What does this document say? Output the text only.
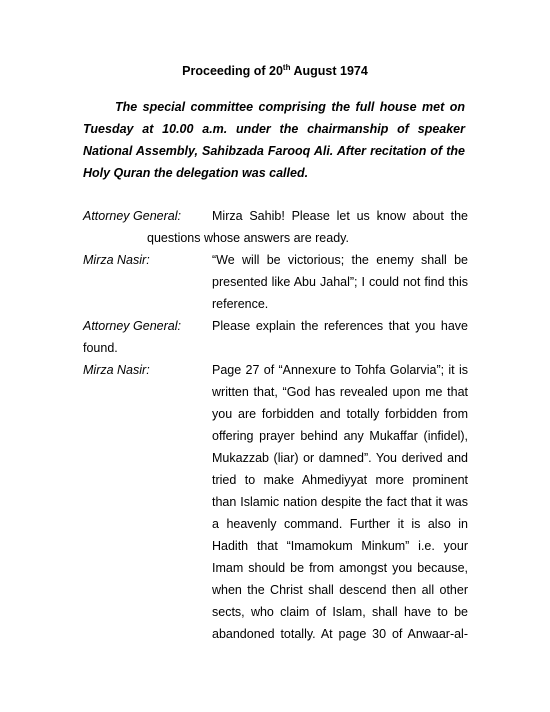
Proceeding of 20th August 1974
The special committee comprising the full house met on
Tuesday at 10.00 a.m. under the chairmanship of speaker
National Assembly, Sahibzada Farooq Ali. After recitation of the
Holy Quran the delegation was called.
Attorney General: Mirza Sahib! Please let us know about the
questions whose answers are ready.
Mirza Nasir:	“We will be victorious; the enemy shall be
presented like Abu Jahal”; I could not find this
reference.
Attorney General: Please explain the references that you have
found.
Mirza Nasir:	Page 27 of “Annexure to Tohfa Golarvia”; it is
written that, “God has revealed upon me that
you are forbidden and totally forbidden from
offering prayer behind any Mukaffar (infidel),
Mukazzab (liar) or damned”. You derived and
tried to make Ahmediyyat more prominent
than Islamic nation despite the fact that it was
a heavenly command. Further it is also in
Hadith that “Imamokum Minkum” i.e. your
Imam should be from amongst you because,
when the Christ shall descend then all other
sects, who claim of Islam, shall have to be
abandoned totally. At page 30 of Anwaar-al-
